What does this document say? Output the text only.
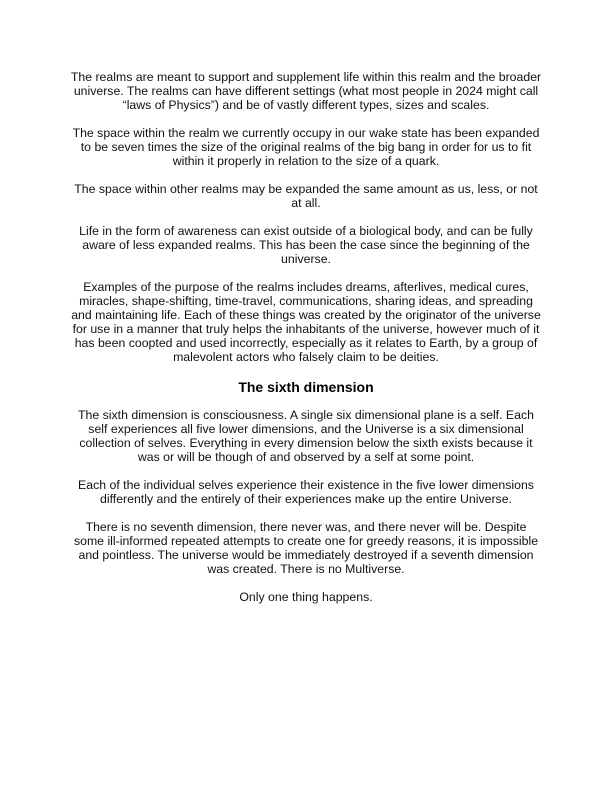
The realms are meant to support and supplement life within this realm and the broader universe. The realms can have different settings (what most people in 2024 might call “laws of Physics”) and be of vastly different types, sizes and scales.

The space within the realm we currently occupy in our wake state has been expanded to be seven times the size of the original realms of the big bang in order for us to fit within it properly in relation to the size of a quark.

The space within other realms may be expanded the same amount as us, less, or not at all.

Life in the form of awareness can exist outside of a biological body, and can be fully aware of less expanded realms. This has been the case since the beginning of the universe.

Examples of the purpose of the realms includes dreams, afterlives, medical cures, miracles, shape-shifting, time-travel, communications, sharing ideas, and spreading and maintaining life. Each of these things was created by the originator of the universe for use in a manner that truly helps the inhabitants of the universe, however much of it has been coopted and used incorrectly, especially as it relates to Earth, by a group of malevolent actors who falsely claim to be deities.

The sixth dimension

The sixth dimension is consciousness. A single six dimensional plane is a self. Each self experiences all five lower dimensions, and the Universe is a six dimensional collection of selves. Everything in every dimension below the sixth exists because it was or will be though of and observed by a self at some point.

Each of the individual selves experience their existence in the five lower dimensions differently and the entirely of their experiences make up the entire Universe.

There is no seventh dimension, there never was, and there never will be. Despite some ill-informed repeated attempts to create one for greedy reasons, it is impossible and pointless. The universe would be immediately destroyed if a seventh dimension was created. There is no Multiverse.

Only one thing happens.
